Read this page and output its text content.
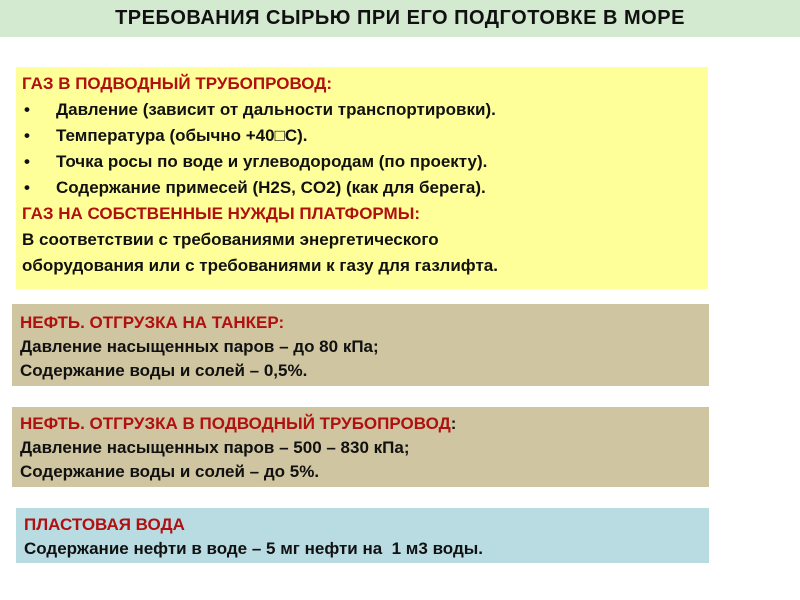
ТРЕБОВАНИЯ СЫРЬЮ ПРИ ЕГО ПОДГОТОВКЕ В МОРЕ
ГАЗ В ПОДВОДНЫЙ ТРУБОПРОВОД:
•	Давление (зависит от дальности транспортировки).
•	Температура (обычно +40□С).
•	Точка росы по воде и углеводородам (по проекту).
•	Содержание примесей (H2S, CO2) (как для берега).
ГАЗ НА СОБСТВЕННЫЕ НУЖДЫ ПЛАТФОРМЫ:
В соответствии с требованиями энергетического
оборудования или с требованиями к газу для газлифта.
НЕФТЬ. ОТГРУЗКА НА ТАНКЕР:
Давление насыщенных паров – до 80 кПа;
Содержание воды и солей – 0,5%.
НЕФТЬ. ОТГРУЗКА В ПОДВОДНЫЙ ТРУБОПРОВОД:
Давление насыщенных паров – 500 – 830 кПа;
Содержание воды и солей – до 5%.
ПЛАСТОВАЯ ВОДА
Содержание нефти в воде – 5 мг нефти на  1 м3 воды.
